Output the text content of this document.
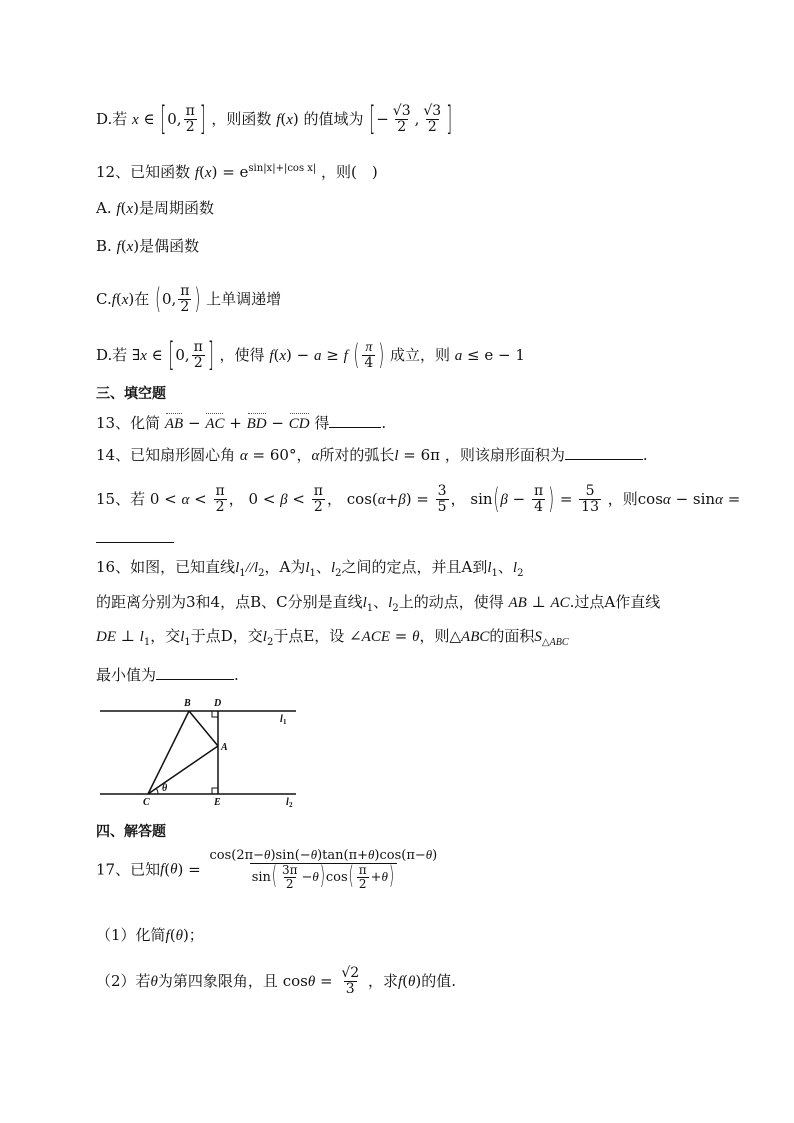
D.若 x ∈ [0, $\frac{\pi}{2}$ ] ，则函数 f(x) 的值域为 [− $\frac{√3}{2}$ , $\frac{√3}{2}$ ]
12、已知函数 $f(x) = e^{sin|x|+|cos x|}$ ，则(　)
A. f(x)是周期函数
B. f(x)是偶函数
C.f(x)在 (0, $\frac{\pi}{2}$ ) 上单调递增
D.若 ∃x ∈ [0, $\frac{\pi}{2}$ ] ，使得 f(x) − a ≥ f ( $\frac{\pi}{4}$ ) 成立，则 a ≤ e − 1
三、填空题
13、化简 AB − AC + BD − CD 得	.
14、已知扇形圆心角 α = 60°，α所对的弧长l = 6π ，则该扇形面积为	.
15、若 $0 < \alpha < \frac{\pi}{2}$ ， $0 < \beta < \frac{\pi}{2}$ ， $\cos(\alpha+\beta) = \frac{3}{5}$ ， $\sin(\beta - \frac{\pi}{4}$ ) = $\frac{5}{13}$ ，则cosα − sinα =
16、如图，已知直线$l_1//l_2$，A为$l_1$、$l_2$之间的定点，并且A到$l_1$、$l_2$
的距离分别为3和4，点B、C分别是直线$l_1$、$l_2$上的动点，使得 AB ⊥ AC.过点A作直线
DE ⊥ $l_1$，交$l_1$于点D，交$l_2$于点E，设 ∠ACE = θ，则△ABC的面积$S_{\triangle ABC}$
最小值为	.
B D
A
C	E
θ
l 1
l 2
四、解答题
17、已知$f(\theta) = \frac{\cos(2\pi-\theta)\sin(-\theta)\tan(\pi+\theta)\cos(\pi-\theta)}{\sin( \frac{3\pi}{2} -\theta)\cos( \frac{\pi}{2} +\theta)}$
（1）化简f(θ)；
（2）若θ为第四象限角，且 $\cos\theta = \frac{√2}{3}$ ，求f(θ)的值.
